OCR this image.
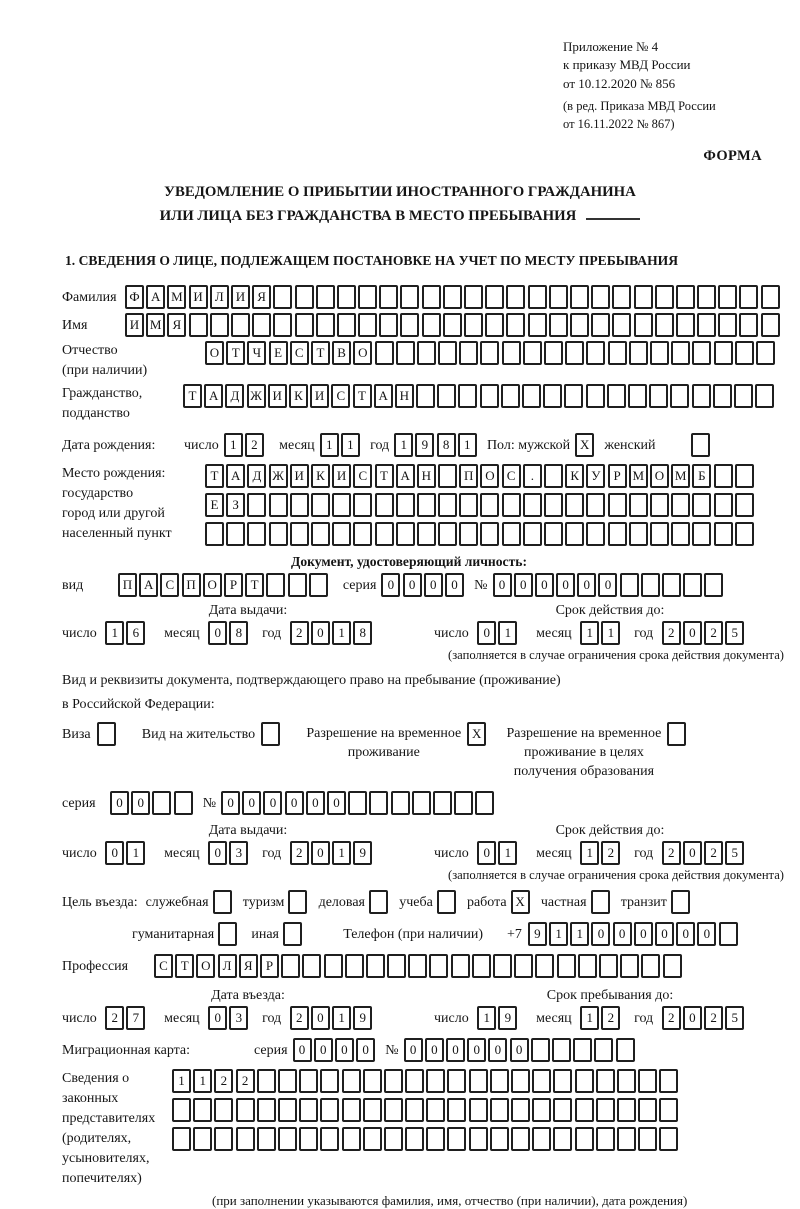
Приложение № 4
к приказу МВД России
от 10.12.2020 № 856
(в ред. Приказа МВД России
от 16.11.2022 № 867)
ФОРМА
УВЕДОМЛЕНИЕ О ПРИБЫТИИ ИНОСТРАННОГО ГРАЖДАНИНА
ИЛИ ЛИЦА БЕЗ ГРАЖДАНСТВА В МЕСТО ПРЕБЫВАНИЯ
1. СВЕДЕНИЯ О ЛИЦЕ, ПОДЛЕЖАЩЕМ ПОСТАНОВКЕ НА УЧЕТ ПО МЕСТУ ПРЕБЫВАНИЯ
Фамилия Ф А М И Л И Я
Имя	И М Я
Отчество
(при наличии)
О Т Ч Е С Т В О
Гражданство,
подданство
Т А Д Ж И К И С Т А Н
Дата рождения:	число 1 2	месяц 1 1	год 1 9 8 1	Пол: мужской X	женский
Место рождения:
государство
город или другой
населенный пункт
Т А Д Ж И К И С Т А Н	П О С .	К У Р М О М Б
Е З
Документ, удостоверяющий личность:
вид	П А С П О Р Т	серия 0 0 0 0	№ 0 0 0 0 0 0
Дата выдачи:
число 1 6 месяц 0 8 год 2 0 1 8
Срок действия до:
число 0 1 месяц 1 1 год 2 0 2 5
(заполняется в случае ограничения срока действия документа)
Вид и реквизиты документа, подтверждающего право на пребывание (проживание)
в Российской Федерации:
Виза	Вид на жительство	Разрешение на временное
проживание
X	Разрешение на временное
проживание в целях
получения образования
серия	0 0	№ 0 0 0 0 0 0
Дата выдачи:
число 0 1 месяц 0 3 год 2 0 1 9
Срок действия до:
число 0 1 месяц 1 2 год 2 0 2 5
(заполняется в случае ограничения срока действия документа)
Цель въезда: служебная туризм деловая учеба работа X	частная транзит
гуманитарная	иная	Телефон (при наличии) +7 9 1 1 0 0 0 0 0 0
Профессия	С Т О Л Я Р
Дата въезда:
число 2 7 месяц 0 3 год 2 0 1 9
Срок пребывания до:
число 1 9 месяц 1 2 год 2 0 2 5
Миграционная карта:	серия 0 0 0 0	№ 0 0 0 0 0 0
Сведения о
законных
представителях
(родителях,
усыновителях,
попечителях)
1 1 2 2
(при заполнении указываются фамилия, имя, отчество (при наличии), дата рождения)
